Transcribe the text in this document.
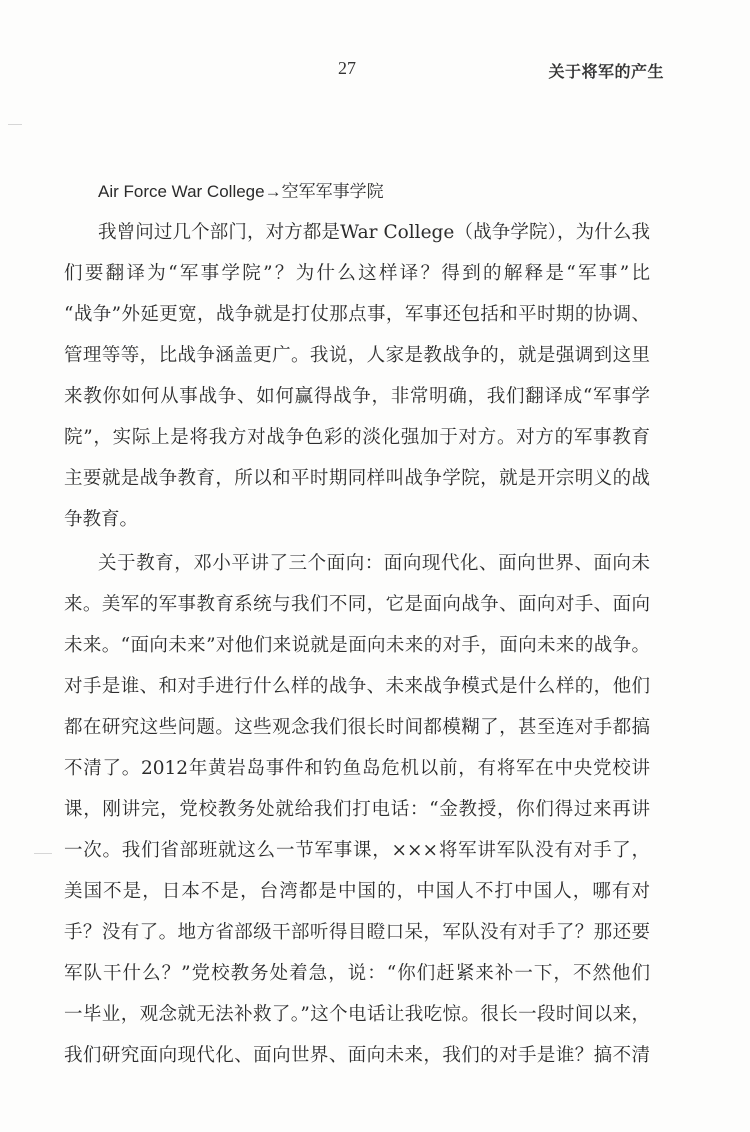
27	关于将军的产生
Air Force War College→空军军事学院
我曾问过几个部门，对方都是War College（战争学院），为什么我
们要翻译为“军事学院”？为什么这样译？得到的解释是“军事”比
“战争”外延更宽，战争就是打仗那点事，军事还包括和平时期的协调、
管理等等，比战争涵盖更广。我说，人家是教战争的，就是强调到这里
来教你如何从事战争、如何赢得战争，非常明确，我们翻译成“军事学
院”，实际上是将我方对战争色彩的淡化强加于对方。对方的军事教育
主要就是战争教育，所以和平时期同样叫战争学院，就是开宗明义的战
争教育。
关于教育，邓小平讲了三个面向：面向现代化、面向世界、面向未
来。美军的军事教育系统与我们不同，它是面向战争、面向对手、面向
未来。“面向未来”对他们来说就是面向未来的对手，面向未来的战争。
对手是谁、和对手进行什么样的战争、未来战争模式是什么样的，他们
都在研究这些问题。这些观念我们很长时间都模糊了，甚至连对手都搞
不清了。2012年黄岩岛事件和钓鱼岛危机以前，有将军在中央党校讲
课，刚讲完，党校教务处就给我们打电话：“金教授，你们得过来再讲
一次。我们省部班就这么一节军事课，×××将军讲军队没有对手了，
美国不是，日本不是，台湾都是中国的，中国人不打中国人，哪有对
手？没有了。地方省部级干部听得目瞪口呆，军队没有对手了？那还要
军队干什么？”党校教务处着急，说：“你们赶紧来补一下，不然他们
一毕业，观念就无法补救了。”这个电话让我吃惊。很长一段时间以来，
我们研究面向现代化、面向世界、面向未来，我们的对手是谁？搞不清
